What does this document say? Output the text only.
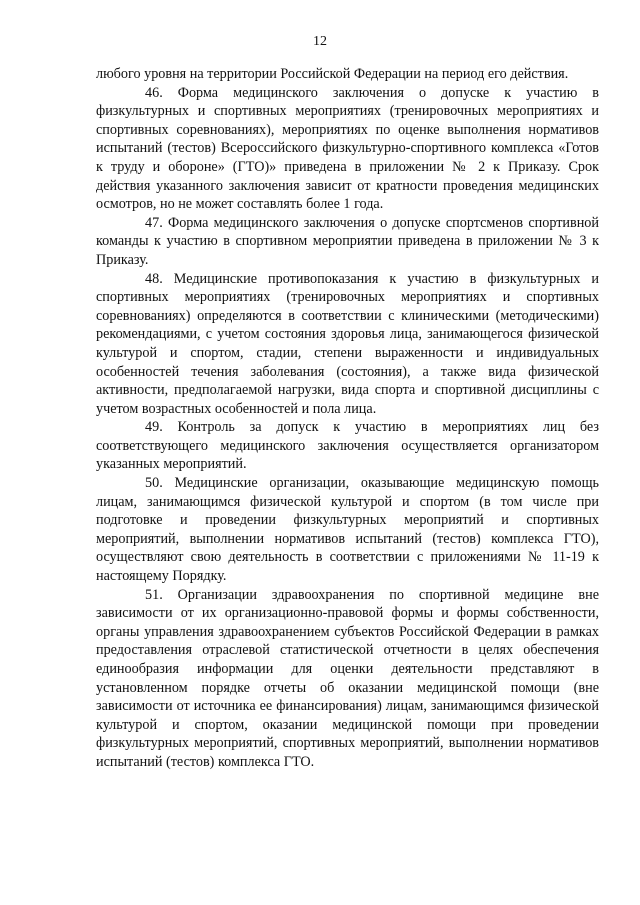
12

любого уровня на территории Российской Федерации на период его действия.

46. Форма медицинского заключения о допуске к участию в физкультурных и спортивных мероприятиях (тренировочных мероприятиях и спортивных соревнованиях), мероприятиях по оценке выполнения нормативов испытаний (тестов) Всероссийского физкультурно-спортивного комплекса «Готов к труду и обороне» (ГТО)» приведена в приложении № 2 к Приказу. Срок действия указанного заключения зависит от кратности проведения медицинских осмотров, но не может составлять более 1 года.

47. Форма медицинского заключения о допуске спортсменов спортивной команды к участию в спортивном мероприятии приведена в приложении № 3 к Приказу.

48. Медицинские противопоказания к участию в физкультурных и спортивных мероприятиях (тренировочных мероприятиях и спортивных соревнованиях) определяются в соответствии с клиническими (методическими) рекомендациями, с учетом состояния здоровья лица, занимающегося физической культурой и спортом, стадии, степени выраженности и индивидуальных особенностей течения заболевания (состояния), а также вида физической активности, предполагаемой нагрузки, вида спорта и спортивной дисциплины с учетом возрастных особенностей и пола лица.

49. Контроль за допуск к участию в мероприятиях лиц без соответствующего медицинского заключения осуществляется организатором указанных мероприятий.

50. Медицинские организации, оказывающие медицинскую помощь лицам, занимающимся физической культурой и спортом (в том числе при подготовке и проведении физкультурных мероприятий и спортивных мероприятий, выполнении нормативов испытаний (тестов) комплекса ГТО), осуществляют свою деятельность в соответствии с приложениями № 11-19 к настоящему Порядку.

51. Организации здравоохранения по спортивной медицине вне зависимости от их организационно-правовой формы и формы собственности, органы управления здравоохранением субъектов Российской Федерации в рамках предоставления отраслевой статистической отчетности в целях обеспечения единообразия информации для оценки деятельности представляют в установленном порядке отчеты об оказании медицинской помощи (вне зависимости от источника ее финансирования) лицам, занимающимся физической культурой и спортом, оказании медицинской помощи при проведении физкультурных мероприятий, спортивных мероприятий, выполнении нормативов испытаний (тестов) комплекса ГТО.
